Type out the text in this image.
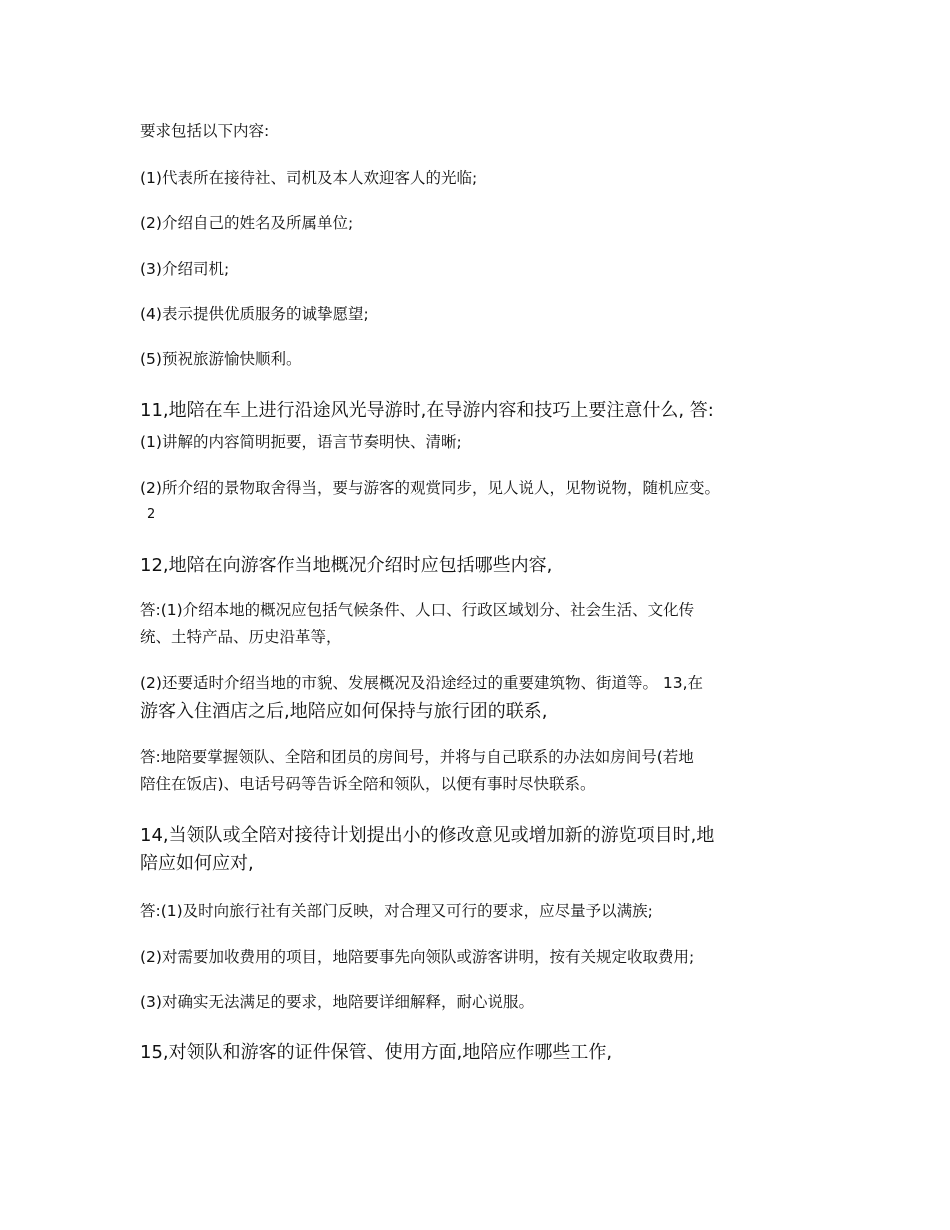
要求包括以下内容:

(1)代表所在接待社、司机及本人欢迎客人的光临;

(2)介绍自己的姓名及所属单位;

(3)介绍司机;

(4)表示提供优质服务的诚挚愿望;

(5)预祝旅游愉快顺利。

11,地陪在车上进行沿途风光导游时,在导游内容和技巧上要注意什么, 答:

(1)讲解的内容简明扼要，语言节奏明快、清晰;

(2)所介绍的景物取舍得当，要与游客的观赏同步，见人说人，见物说物，随机应变。

2

12,地陪在向游客作当地概况介绍时应包括哪些内容,

答:(1)介绍本地的概况应包括气候条件、人口、行政区域划分、社会生活、文化传

统、土特产品、历史沿革等，

(2)还要适时介绍当地的市貌、发展概况及沿途经过的重要建筑物、街道等。 13,在

游客入住酒店之后,地陪应如何保持与旅行团的联系,

答:地陪要掌握领队、全陪和团员的房间号，并将与自己联系的办法如房间号(若地

陪住在饭店)、电话号码等告诉全陪和领队，以便有事时尽快联系。

14,当领队或全陪对接待计划提出小的修改意见或增加新的游览项目时,地

陪应如何应对,

答:(1)及时向旅行社有关部门反映，对合理又可行的要求，应尽量予以满族;

(2)对需要加收费用的项目，地陪要事先向领队或游客讲明，按有关规定收取费用;

(3)对确实无法满足的要求，地陪要详细解释，耐心说服。

15,对领队和游客的证件保管、使用方面,地陪应作哪些工作,
